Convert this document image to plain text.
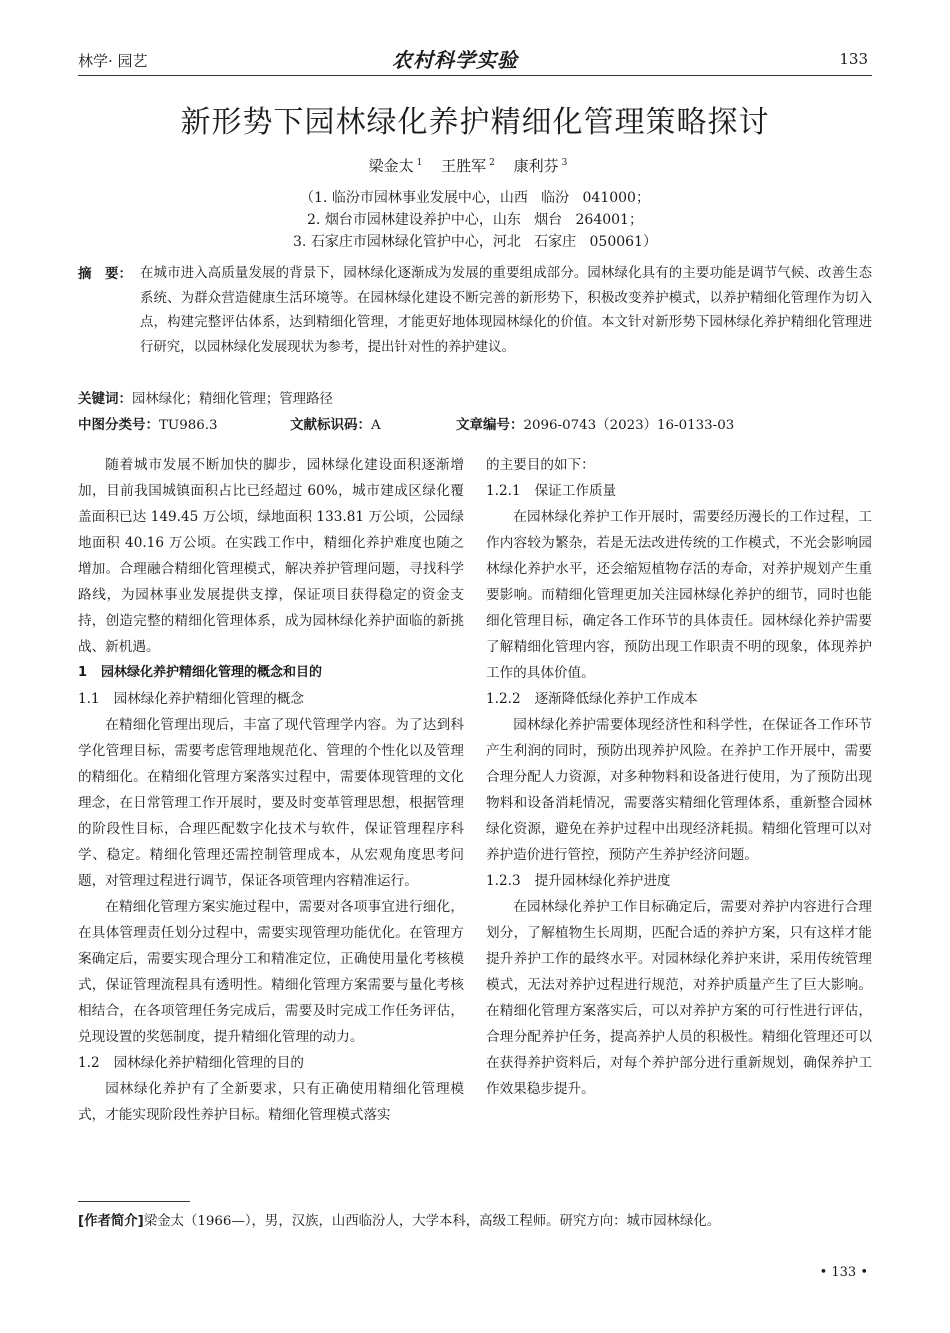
林学· 园艺	农村科学实验	133
新形势下园林绿化养护精细化管理策略探讨
梁金太 $^1$ 王胜军 $^2$ 康利芬 $^3$
（1. 临汾市园林事业发展中心，山西   临汾   041000；
2. 烟台市园林建设养护中心，山东   烟台   264001；
3. 石家庄市园林绿化管护中心，河北   石家庄   050061）
摘　要： 在城市进入高质量发展的背景下，园林绿化逐渐成为发展的重要组成部分。园林绿化具有的主要功能是调节气候、改善生态系统、为群众营造健康生活环境等。在园林绿化建设不断完善的新形势下，积极改变养护模式，以养护精细化管理作为切入点，构建完整评估体系，达到精细化管理，才能更好地体现园林绿化的价值。本文针对新形势下园林绿化养护精细化管理进行研究，以园林绿化发展现状为参考，提出针对性的养护建议。
关键词：园林绿化；精细化管理；管理路径
中图分类号：TU986.3	文献标识码：A	文章编号：2096-0743（2023）16-0133-03

随着城市发展不断加快的脚步，园林绿化建设面积逐渐增加，目前我国城镇面积占比已经超过 60%，城市建成区绿化覆盖面积已达 149.45 万公顷，绿地面积 133.81 万公顷，公园绿地面积 40.16 万公顷。在实践工作中，精细化养护难度也随之增加。合理融合精细化管理模式，解决养护管理问题，寻找科学路线，为园林事业发展提供支撑，保证项目获得稳定的资金支持，创造完整的精细化管理体系，成为园林绿化养护面临的新挑战、新机遇。

1 园林绿化养护精细化管理的概念和目的
1.1 园林绿化养护精细化管理的概念

在精细化管理出现后，丰富了现代管理学内容。为了达到科学化管理目标，需要考虑管理地规范化、管理的个性化以及管理的精细化。在精细化管理方案落实过程中，需要体现管理的文化理念，在日常管理工作开展时，要及时变革管理思想，根据管理的阶段性目标，合理匹配数字化技术与软件，保证管理程序科学、稳定。精细化管理还需控制管理成本，从宏观角度思考问题，对管理过程进行调节，保证各项管理内容精准运行。

在精细化管理方案实施过程中，需要对各项事宜进行细化，在具体管理责任划分过程中，需要实现管理功能优化。在管理方案确定后，需要实现合理分工和精准定位，正确使用量化考核模式，保证管理流程具有透明性。精细化管理方案需要与量化考核相结合，在各项管理任务完成后，需要及时完成工作任务评估，兑现设置的奖惩制度，提升精细化管理的动力。

1.2 园林绿化养护精细化管理的目的

园林绿化养护有了全新要求，只有正确使用精细化管理模式，才能实现阶段性养护目标。精细化管理模式落实

的主要目的如下：

1.2.1 保证工作质量

在园林绿化养护工作开展时，需要经历漫长的工作过程，工作内容较为繁杂，若是无法改进传统的工作模式，不光会影响园林绿化养护水平，还会缩短植物存活的寿命，对养护规划产生重要影响。而精细化管理更加关注园林绿化养护的细节，同时也能细化管理目标，确定各工作环节的具体责任。园林绿化养护需要了解精细化管理内容，预防出现工作职责不明的现象，体现养护工作的具体价值。

1.2.2 逐渐降低绿化养护工作成本

园林绿化养护需要体现经济性和科学性，在保证各工作环节产生利润的同时，预防出现养护风险。在养护工作开展中，需要合理分配人力资源，对多种物料和设备进行使用，为了预防出现物料和设备消耗情况，需要落实精细化管理体系，重新整合园林绿化资源，避免在养护过程中出现经济耗损。精细化管理可以对养护造价进行管控，预防产生养护经济问题。

1.2.3 提升园林绿化养护进度

在园林绿化养护工作目标确定后，需要对养护内容进行合理划分，了解植物生长周期，匹配合适的养护方案，只有这样才能提升养护工作的最终水平。对园林绿化养护来讲，采用传统管理模式，无法对养护过程进行规范，对养护质量产生了巨大影响。在精细化管理方案落实后，可以对养护方案的可行性进行评估，合理分配养护任务，提高养护人员的积极性。精细化管理还可以在获得养护资料后，对每个养护部分进行重新规划，确保养护工作效果稳步提升。

[作者简介]梁金太（1966—），男，汉族，山西临汾人，大学本科，高级工程师。研究方向：城市园林绿化。
• 133 •
